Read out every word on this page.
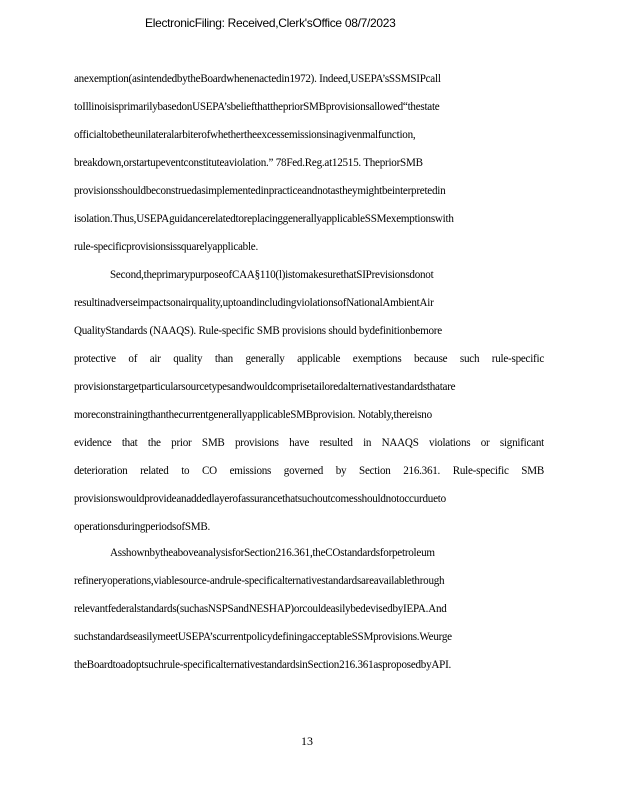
ElectronicFiling: Received,Clerk'sOffice 08/7/2023
anexemption(asintendedbytheBoardwhenenactedin1972). Indeed,USEPA’sSSMSIPcall
toIllinoisisprimarilybasedonUSEPA’sbeliefthatthepriorSMBprovisionsallowed“thestate
officialtobetheunilateralarbiterofwhethertheexcessemissionsinagivenmalfunction,
breakdown,orstartupeventconstituteaviolation.” 78Fed.Reg.at12515. ThepriorSMB
provisionsshouldbeconstruedasimplementedinpracticeandnotastheymightbeinterpretedin
isolation.Thus,USEPAguidancerelatedtoreplacinggenerallyapplicableSSMexemptionswith
rule-specificprovisionsissquarelyapplicable.
Second,theprimarypurposeofCAA§110(l)istomakesurethatSIPrevisionsdonot
resultinadverseimpactsonairquality,uptoandincludingviolationsofNationalAmbientAir
QualityStandards (NAAQS). Rule-specific SMB provisions should bydefinitionbemore
protective of air quality than generally applicable exemptions because such rule-specific
provisionstargetparticularsourcetypesandwouldcomprisetailoredalternativestandardsthatare
moreconstrainingthanthecurrentgenerallyapplicableSMBprovision. Notably,thereisno
evidence that the prior SMB provisions have resulted in NAAQS violations or significant
deterioration related to CO emissions governed by Section 216.361. Rule-specific SMB
provisionswouldprovideanaddedlayerofassurancethatsuchoutcomesshouldnotoccurdueto
operationsduringperiodsofSMB.
AsshownbytheaboveanalysisforSection216.361,theCOstandardsforpetroleum
refineryoperations,viablesource-andrule-specificalternativestandardsareavailablethrough
relevantfederalstandards(suchasNSPSandNESHAP)orcouldeasilybedevisedbyIEPA.And
suchstandardseasilymeetUSEPA’scurrentpolicydefiningacceptableSSMprovisions.Weurge
theBoardtoadoptsuchrule-specificalternativestandardsinSection216.361asproposedbyAPI.
13
